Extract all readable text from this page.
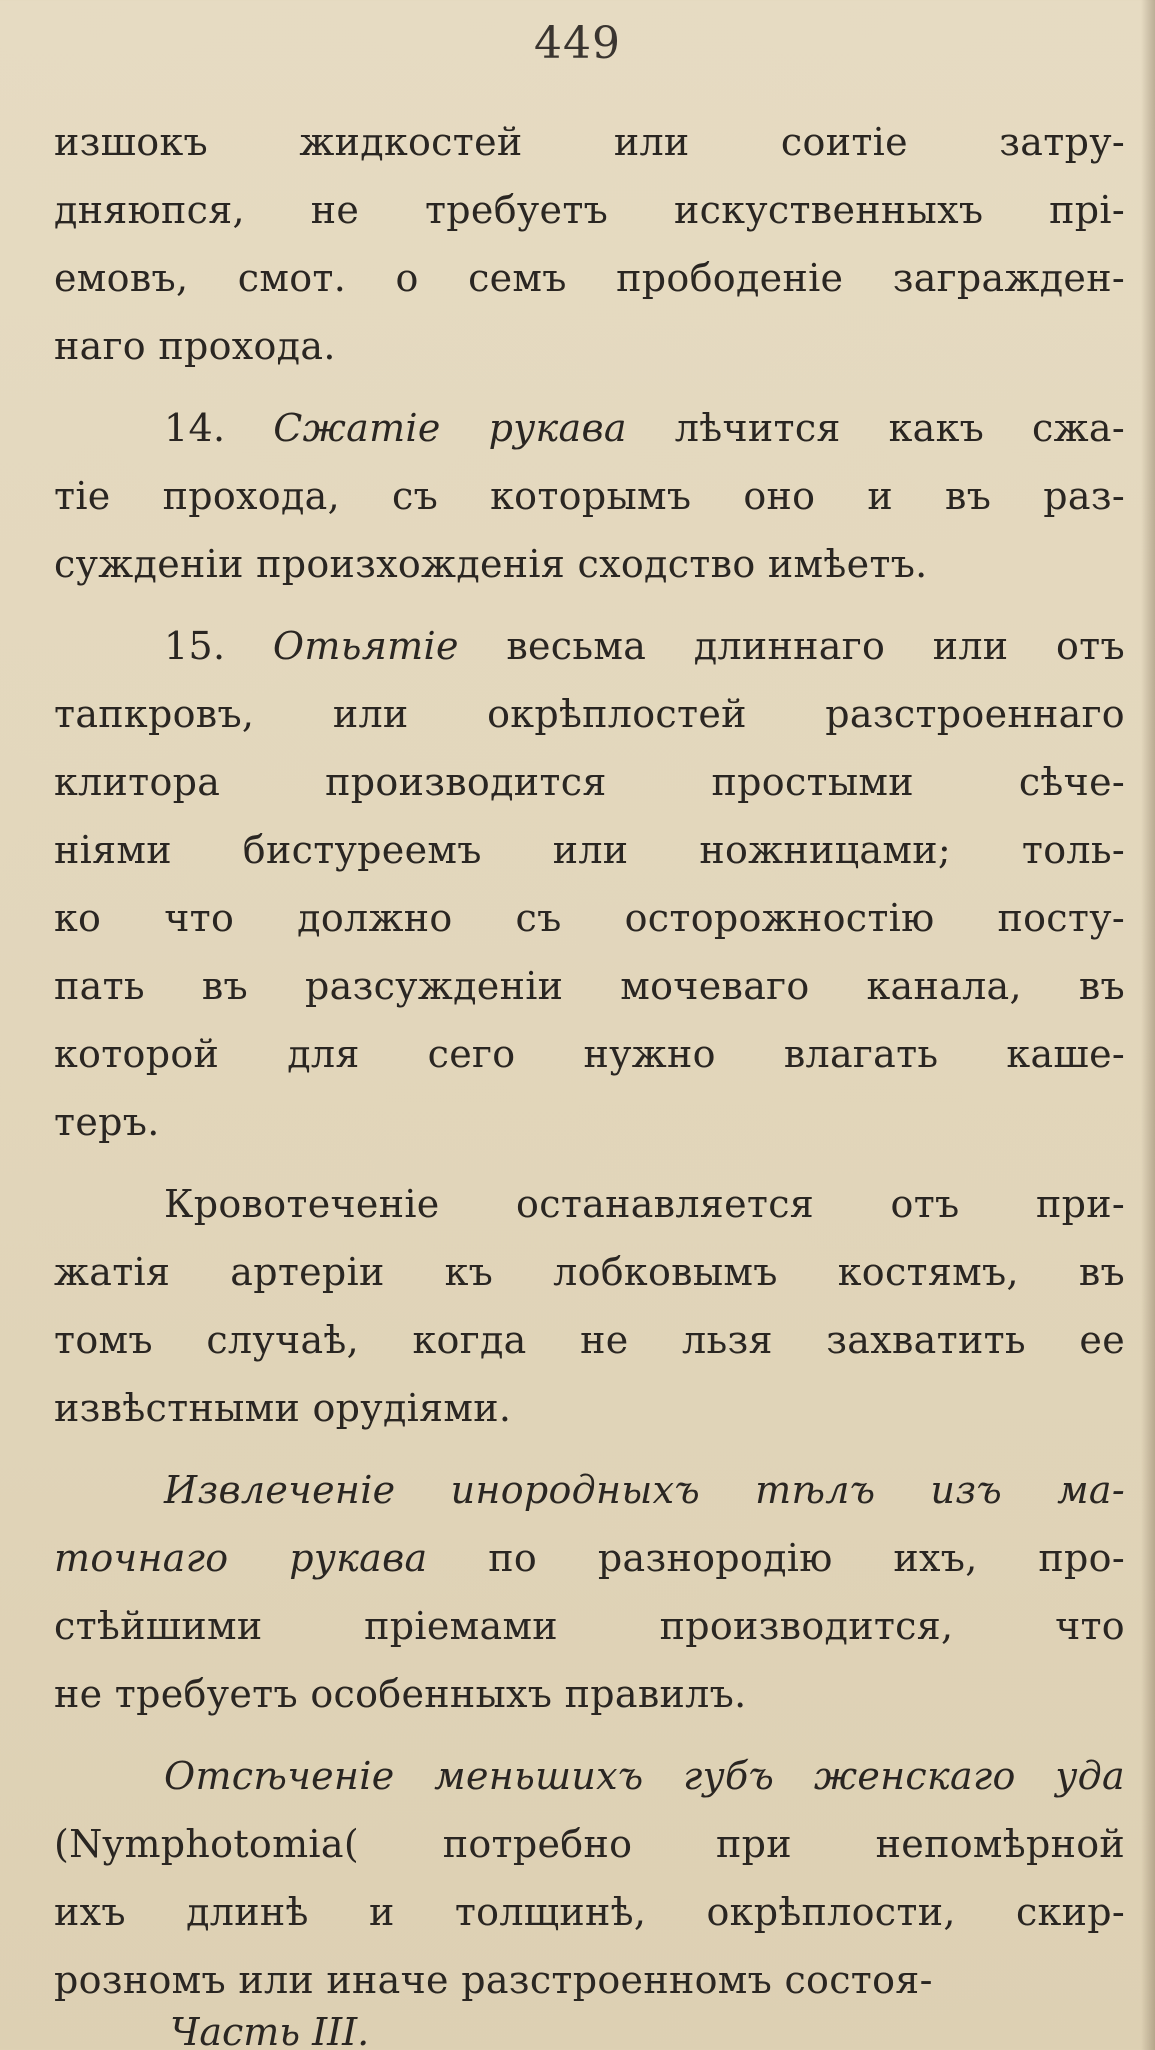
449
изшокъ жидкостей или соитіе затру-
дняюпся, не требуетъ искуственныхъ прі-
емовъ, смот. о семъ прободеніе загражден-
наго прохода.
14. Сжатіе рукава лѣчится какъ сжа-
тіе прохода, съ которымъ оно и въ раз-
сужденіи произхожденія сходство имѣетъ.
15. Отьятіе весьма длиннаго или отъ
тапкровъ, или окрѣплостей разстроеннаго
клитора производится простыми сѣче-
ніями бистуреемъ или ножницами; толь-
ко что должно съ осторожностію посту-
пать въ разсужденіи мочеваго канала, въ
которой для сего нужно влагать каше-
теръ.
Кровотеченіе останавляется отъ при-
жатія артеріи къ лобковымъ костямъ, въ
томъ случаѣ, когда не льзя захватить ее
извѣстными орудіями.
Извлеченіе инородныхъ тѣлъ изъ ма-
точнаго рукава по разнородію ихъ, про-
стѣйшими пріемами производится, что
не требуетъ особенныхъ правилъ.
Отсѣченіе меньшихъ губъ женскаго уда
(Nymphotomia( потребно при непомѣрной
ихъ длинѣ и толщинѣ, окрѣплости, скир-
розномъ или иначе разстроенномъ состоя-
Часть III.
